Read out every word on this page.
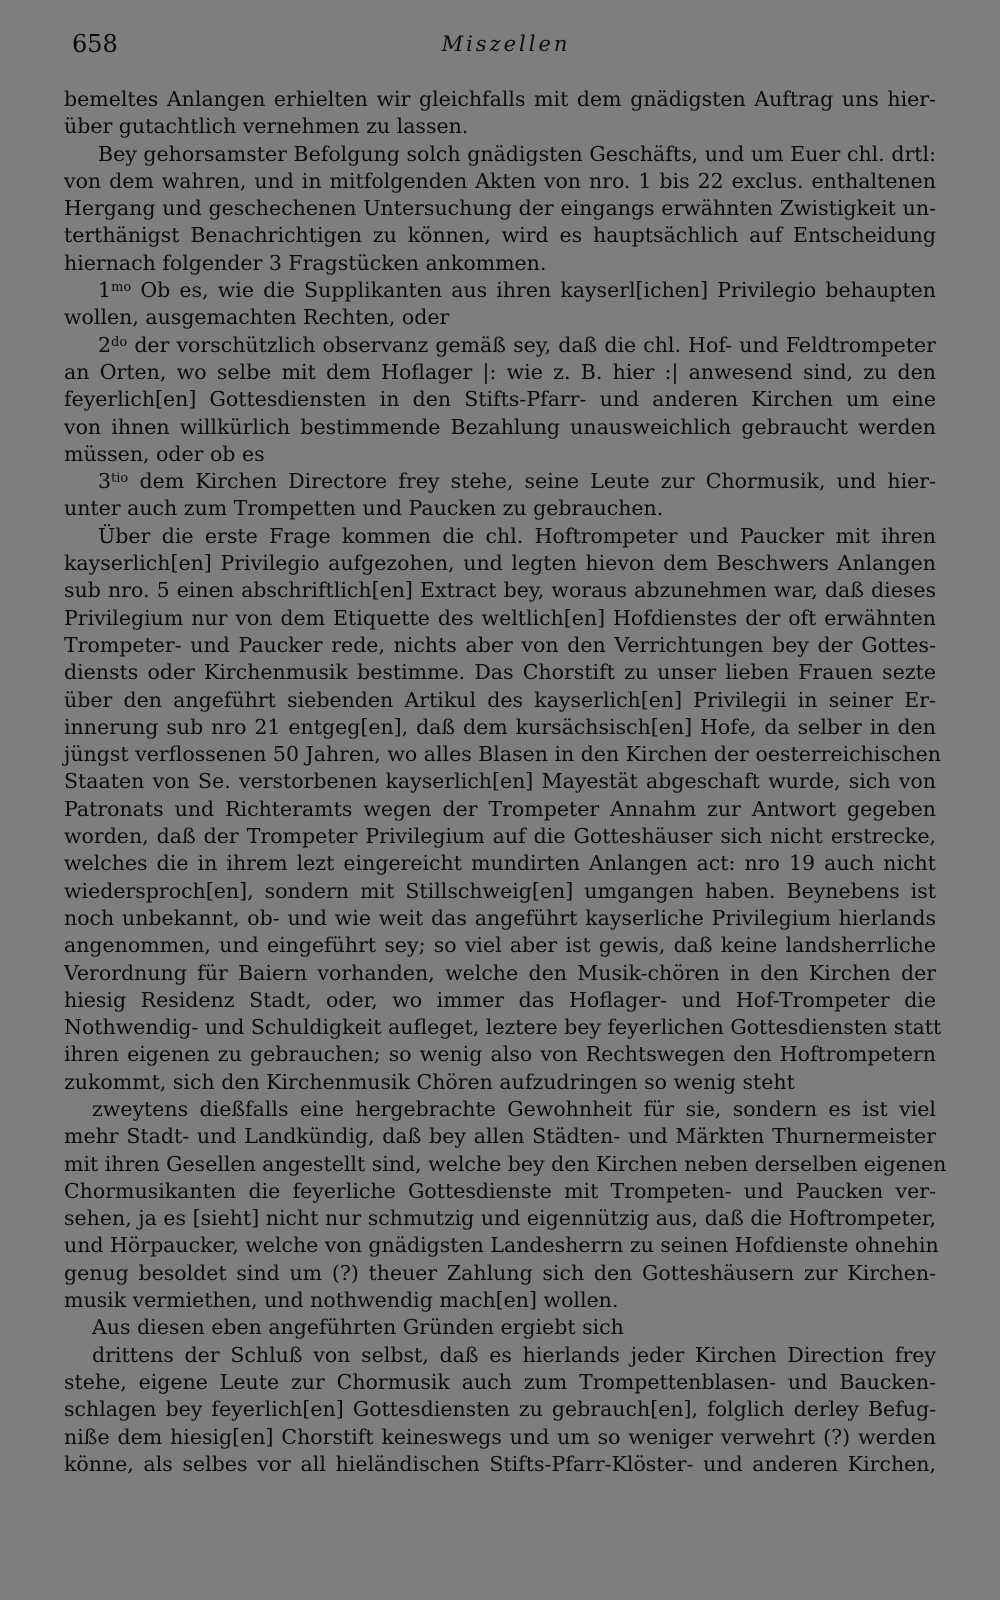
658	Miszellen
bemeltes Anlangen erhielten wir gleichfalls mit dem gnädigsten Auftrag uns hier-
über gutachtlich vernehmen zu lassen.
Bey gehorsamster Befolgung solch gnädigsten Geschäfts, und um Euer chl. drtl:
von dem wahren, und in mitfolgenden Akten von nro. 1 bis 22 exclus. enthaltenen
Hergang und geschechenen Untersuchung der eingangs erwähnten Zwistigkeit un-
terthänigst Benachrichtigen zu können, wird es hauptsächlich auf Entscheidung
hiernach folgender 3 Fragstücken ankommen.
$1^{mo}$ Ob es, wie die Supplikanten aus ihren kayserl[ichen] Privilegio behaupten
wollen, ausgemachten Rechten, oder
$2^{do}$ der vorschützlich observanz gemäß sey, daß die chl. Hof- und Feldtrompeter
an Orten, wo selbe mit dem Hoflager |: wie z. B. hier :| anwesend sind, zu den
feyerlich[en] Gottesdiensten in den Stifts-Pfarr- und anderen Kirchen um eine
von ihnen willkürlich bestimmende Bezahlung unausweichlich gebraucht werden
müssen, oder ob es
$3^{tio}$ dem Kirchen Directore frey stehe, seine Leute zur Chormusik, und hier-
unter auch zum Trompetten und Paucken zu gebrauchen.
Über die erste Frage kommen die chl. Hoftrompeter und Paucker mit ihren
kayserlich[en] Privilegio aufgezohen, und legten hievon dem Beschwers Anlangen
sub nro. 5 einen abschriftlich[en] Extract bey, woraus abzunehmen war, daß dieses
Privilegium nur von dem Etiquette des weltlich[en] Hofdienstes der oft erwähnten
Trompeter- und Paucker rede, nichts aber von den Verrichtungen bey der Gottes-
diensts oder Kirchenmusik bestimme. Das Chorstift zu unser lieben Frauen sezte
über den angeführt siebenden Artikul des kayserlich[en] Privilegii in seiner Er-
innerung sub nro 21 entgeg[en], daß dem kursächsisch[en] Hofe, da selber in den
jüngst verflossenen 50 Jahren, wo alles Blasen in den Kirchen der oesterreichischen
Staaten von Se. verstorbenen kayserlich[en] Mayestät abgeschaft wurde, sich von
Patronats und Richteramts wegen der Trompeter Annahm zur Antwort gegeben
worden, daß der Trompeter Privilegium auf die Gotteshäuser sich nicht erstrecke,
welches die in ihrem lezt eingereicht mundirten Anlangen act: nro 19 auch nicht
wiedersproch[en], sondern mit Stillschweig[en] umgangen haben. Beynebens ist
noch unbekannt, ob- und wie weit das angeführt kayserliche Privilegium hierlands
angenommen, und eingeführt sey; so viel aber ist gewis, daß keine landsherrliche
Verordnung für Baiern vorhanden, welche den Musik-chören in den Kirchen der
hiesig Residenz Stadt, oder, wo immer das Hoflager- und Hof-Trompeter die
Nothwendig- und Schuldigkeit aufleget, leztere bey feyerlichen Gottesdiensten statt
ihren eigenen zu gebrauchen; so wenig also von Rechtswegen den Hoftrompetern
zukommt, sich den Kirchenmusik Chören aufzudringen so wenig steht
zweytens dießfalls eine hergebrachte Gewohnheit für sie, sondern es ist viel
mehr Stadt- und Landkündig, daß bey allen Städten- und Märkten Thurnermeister
mit ihren Gesellen angestellt sind, welche bey den Kirchen neben derselben eigenen
Chormusikanten die feyerliche Gottesdienste mit Trompeten- und Paucken ver-
sehen, ja es [sieht] nicht nur schmutzig und eigennützig aus, daß die Hoftrompeter,
und Hörpaucker, welche von gnädigsten Landesherrn zu seinen Hofdienste ohnehin
genug besoldet sind um (?) theuer Zahlung sich den Gotteshäusern zur Kirchen-
musik vermiethen, und nothwendig mach[en] wollen.
Aus diesen eben angeführten Gründen ergiebt sich
drittens der Schluß von selbst, daß es hierlands jeder Kirchen Direction frey
stehe, eigene Leute zur Chormusik auch zum Trompettenblasen- und Baucken-
schlagen bey feyerlich[en] Gottesdiensten zu gebrauch[en], folglich derley Befug-
niße dem hiesig[en] Chorstift keineswegs und um so weniger verwehrt (?) werden
könne, als selbes vor all hieländischen Stifts-Pfarr-Klöster- und anderen Kirchen,
